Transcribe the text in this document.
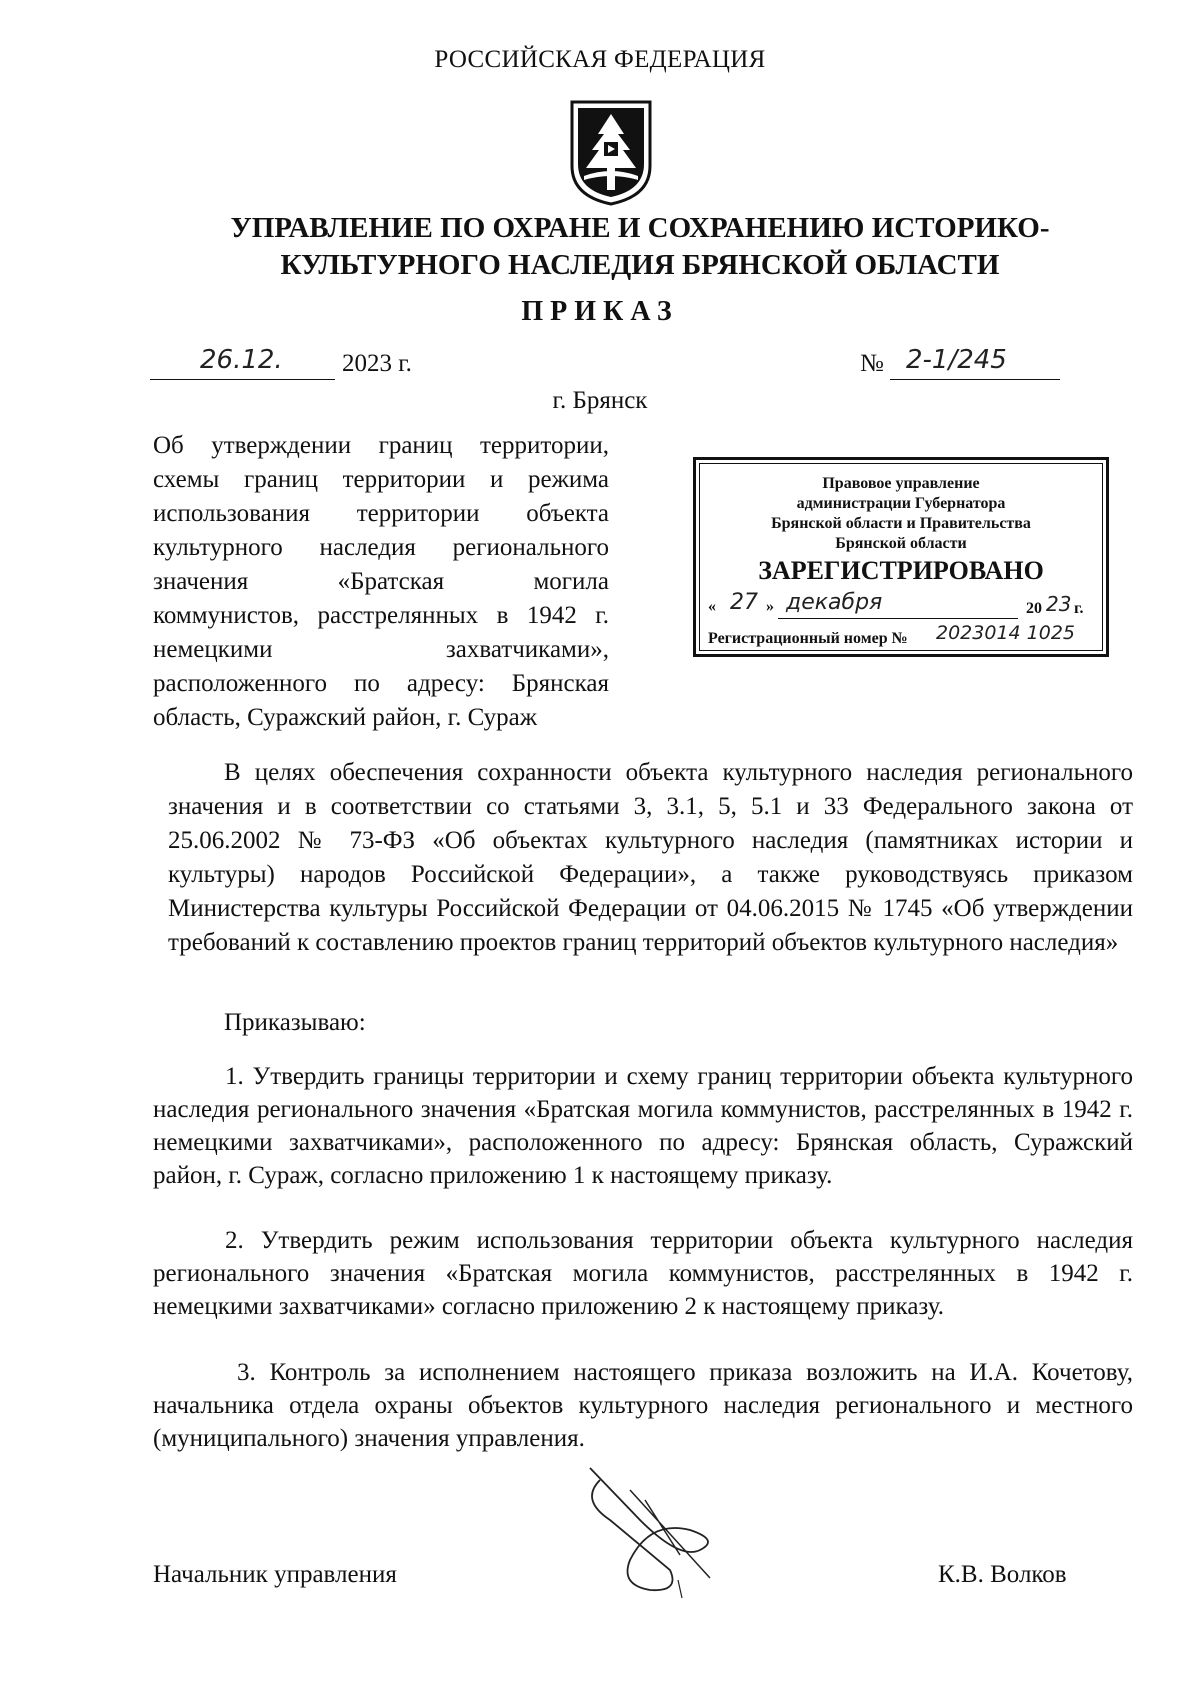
РОССИЙСКАЯ ФЕДЕРАЦИЯ
УПРАВЛЕНИЕ ПО ОХРАНЕ И СОХРАНЕНИЮ ИСТОРИКО-
КУЛЬТУРНОГО НАСЛЕДИЯ БРЯНСКОЙ ОБЛАСТИ
ПРИКАЗ
26.12. 2023 г.	№ 2-1/245
г. Брянск
Об утверждении границ территории,
схемы границ территории и режима
использования территории объекта
культурного наследия регионального
значения «Братская могила
коммунистов, расстрелянных в 1942 г.
немецкими захватчиками»,
расположенного по адресу: Брянская
область, Суражский район, г. Сураж
Правовое управление
администрации Губернатора
Брянской области и Правительства
Брянской области
ЗАРЕГИСТРИРОВАНО
« 27 » декабря	20 23 г.
Регистрационный номер № 2023014 1025
В целях обеспечения сохранности объекта культурного наследия регионального значения и в соответствии со статьями 3, 3.1, 5, 5.1 и 33 Федерального закона от 25.06.2002 № 73-ФЗ «Об объектах культурного наследия (памятниках истории и культуры) народов Российской Федерации», а также руководствуясь приказом Министерства культуры Российской Федерации от 04.06.2015 № 1745 «Об утверждении требований к составлению проектов границ территорий объектов культурного наследия»
Приказываю:
1. Утвердить границы территории и схему границ территории объекта культурного наследия регионального значения «Братская могила коммунистов, расстрелянных в 1942 г. немецкими захватчиками», расположенного по адресу: Брянская область, Суражский район, г. Сураж, согласно приложению 1 к настоящему приказу.
2. Утвердить режим использования территории объекта культурного наследия регионального значения «Братская могила коммунистов, расстрелянных в 1942 г. немецкими захватчиками» согласно приложению 2 к настоящему приказу.
3. Контроль за исполнением настоящего приказа возложить на И.А. Кочетову, начальника отдела охраны объектов культурного наследия регионального и местного (муниципального) значения управления.
Начальник управления	К.В. Волков
